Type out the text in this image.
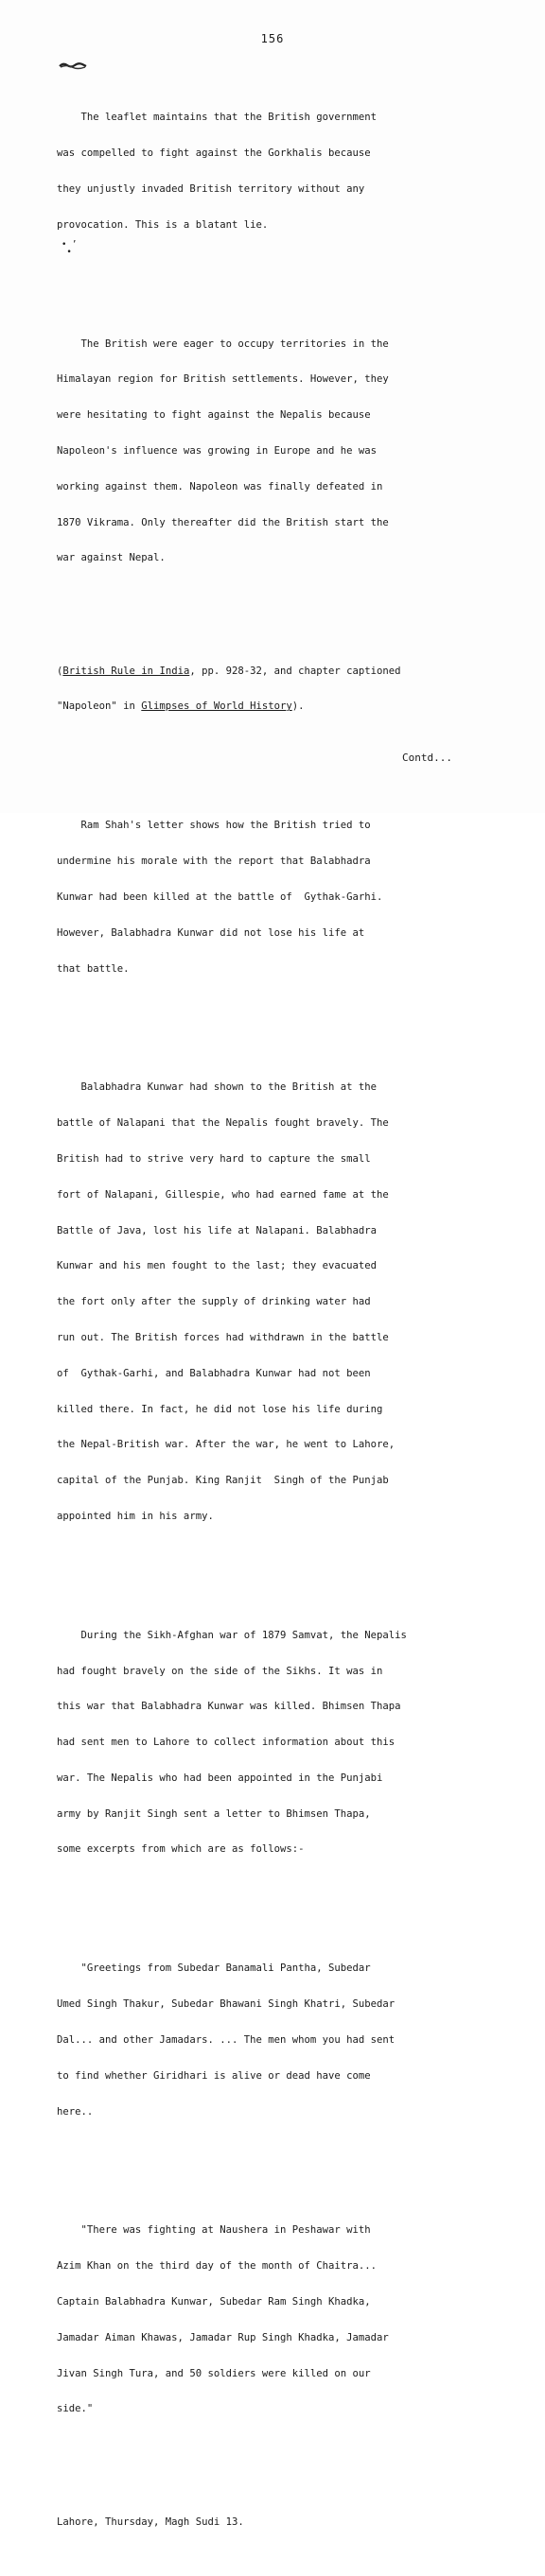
156
• ’
•

The leaflet maintains that the British government

was compelled to fight against the Gorkhalis because

they unjustly invaded British territory without any

provocation. This is a blatant lie.

The British were eager to occupy territories in the

Himalayan region for British settlements. However, they

were hesitating to fight against the Nepalis because

Napoleon's influence was growing in Europe and he was

working against them. Napoleon was finally defeated in

1870 Vikrama. Only thereafter did the British start the

war against Nepal.

(British Rule in India, pp. 928-32, and chapter captioned

"Napoleon" in Glimpses of World History).

Ram Shah's letter shows how the British tried to

undermine his morale with the report that Balabhadra

Kunwar had been killed at the battle of  Gythak-Garhi.

However, Balabhadra Kunwar did not lose his life at

that battle.

Balabhadra Kunwar had shown to the British at the

battle of Nalapani that the Nepalis fought bravely. The

British had to strive very hard to capture the small

fort of Nalapani, Gillespie, who had earned fame at the

Battle of Java, lost his life at Nalapani. Balabhadra

Kunwar and his men fought to the last; they evacuated

the fort only after the supply of drinking water had

run out. The British forces had withdrawn in the battle

of  Gythak-Garhi, and Balabhadra Kunwar had not been

killed there. In fact, he did not lose his life during

the Nepal-British war. After the war, he went to Lahore,

capital of the Punjab. King Ranjit  Singh of the Punjab

appointed him in his army.

During the Sikh-Afghan war of 1879 Samvat, the Nepalis

had fought bravely on the side of the Sikhs. It was in

this war that Balabhadra Kunwar was killed. Bhimsen Thapa

had sent men to Lahore to collect information about this

war. The Nepalis who had been appointed in the Punjabi

army by Ranjit Singh sent a letter to Bhimsen Thapa,

some excerpts from which are as follows:-

"Greetings from Subedar Banamali Pantha, Subedar

Umed Singh Thakur, Subedar Bhawani Singh Khatri, Subedar

Dal... and other Jamadars. ... The men whom you had sent

to find whether Giridhari is alive or dead have come

here..

"There was fighting at Naushera in Peshawar with

Azim Khan on the third day of the month of Chaitra...

Captain Balabhadra Kunwar, Subedar Ram Singh Khadka,

Jamadar Aiman Khawas, Jamadar Rup Singh Khadka, Jamadar

Jivan Singh Tura, and 50 soldiers were killed on our

side."

Lahore, Thursday, Magh Sudi 13.

Contd...
